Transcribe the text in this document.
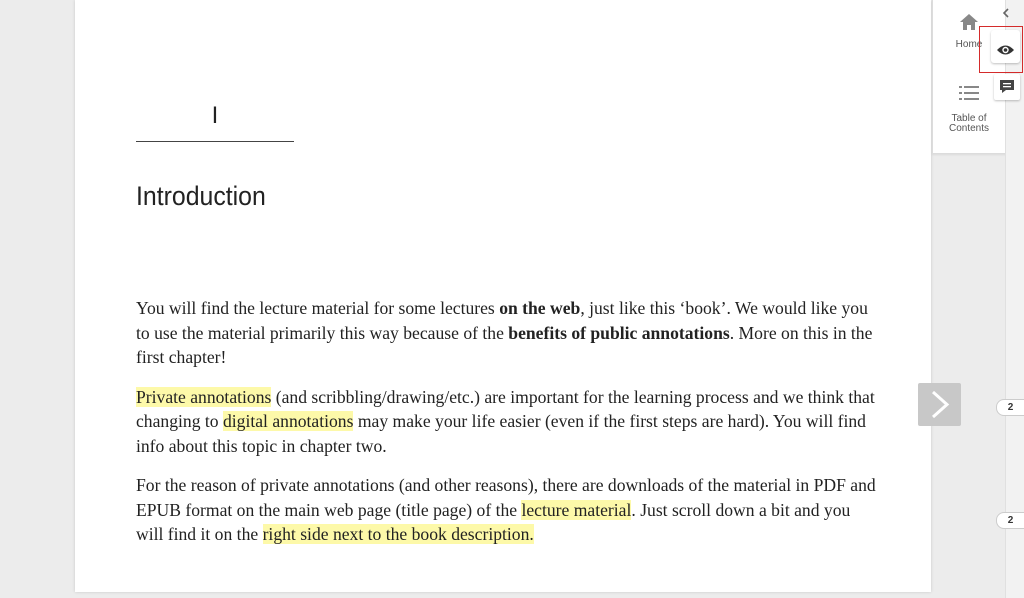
I
Introduction

You will find the lecture material for some lectures on the web, just like this ‘book’. We would like you to use the material primarily this way because of the benefits of public annotations. More on this in the first chapter!

Private annotations (and scribbling/drawing/etc.) are important for the learning process and we think that changing to digital annotations may make your life easier (even if the first steps are hard). You will find info about this topic in chapter two.

For the reason of private annotations (and other reasons), there are downloads of the material in PDF and EPUB format on the main web page (title page) of the lecture material. Just scroll down a bit and you will find it on the right side next to the book description.

Home
Table of Contents
2
2
